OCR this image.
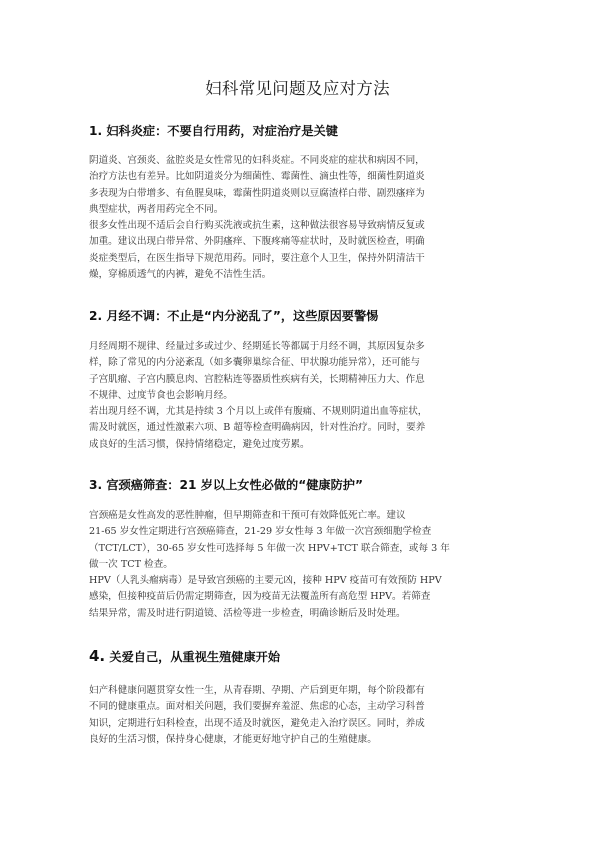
妇科常见问题及应对方法
1. 妇科炎症：不要自行用药，对症治疗是关键
阴道炎、宫颈炎、盆腔炎是女性常见的妇科炎症。不同炎症的症状和病因不同，
治疗方法也有差异。比如阴道炎分为细菌性、霉菌性、滴虫性等，细菌性阴道炎
多表现为白带增多、有鱼腥臭味，霉菌性阴道炎则以豆腐渣样白带、剧烈瘙痒为
典型症状，两者用药完全不同。
很多女性出现不适后会自行购买洗液或抗生素，这种做法很容易导致病情反复或
加重。建议出现白带异常、外阴瘙痒、下腹疼痛等症状时，及时就医检查，明确
炎症类型后，在医生指导下规范用药。同时，要注意个人卫生，保持外阴清洁干
燥，穿棉质透气的内裤，避免不洁性生活。
2. 月经不调：不止是“内分泌乱了”，这些原因要警惕
月经周期不规律、经量过多或过少、经期延长等都属于月经不调，其原因复杂多
样，除了常见的内分泌紊乱（如多囊卵巢综合征、甲状腺功能异常），还可能与
子宫肌瘤、子宫内膜息肉、宫腔粘连等器质性疾病有关，长期精神压力大、作息
不规律、过度节食也会影响月经。
若出现月经不调，尤其是持续 3 个月以上或伴有腹痛、不规则阴道出血等症状，
需及时就医，通过性激素六项、B 超等检查明确病因，针对性治疗。同时，要养
成良好的生活习惯，保持情绪稳定，避免过度劳累。
3. 宫颈癌筛查：21 岁以上女性必做的“健康防护”
宫颈癌是女性高发的恶性肿瘤，但早期筛查和干预可有效降低死亡率。建议
21-65 岁女性定期进行宫颈癌筛查，21-29 岁女性每 3 年做一次宫颈细胞学检查
（TCT/LCT），30-65 岁女性可选择每 5 年做一次 HPV+TCT 联合筛查，或每 3 年
做一次 TCT 检查。
HPV（人乳头瘤病毒）是导致宫颈癌的主要元凶，接种 HPV 疫苗可有效预防 HPV
感染，但接种疫苗后仍需定期筛查，因为疫苗无法覆盖所有高危型 HPV。若筛查
结果异常，需及时进行阴道镜、活检等进一步检查，明确诊断后及时处理。
4. 关爱自己，从重视生殖健康开始
妇产科健康问题贯穿女性一生，从青春期、孕期、产后到更年期，每个阶段都有
不同的健康重点。面对相关问题，我们要摒弃羞涩、焦虑的心态，主动学习科普
知识，定期进行妇科检查，出现不适及时就医，避免走入治疗误区。同时，养成
良好的生活习惯，保持身心健康，才能更好地守护自己的生殖健康。
